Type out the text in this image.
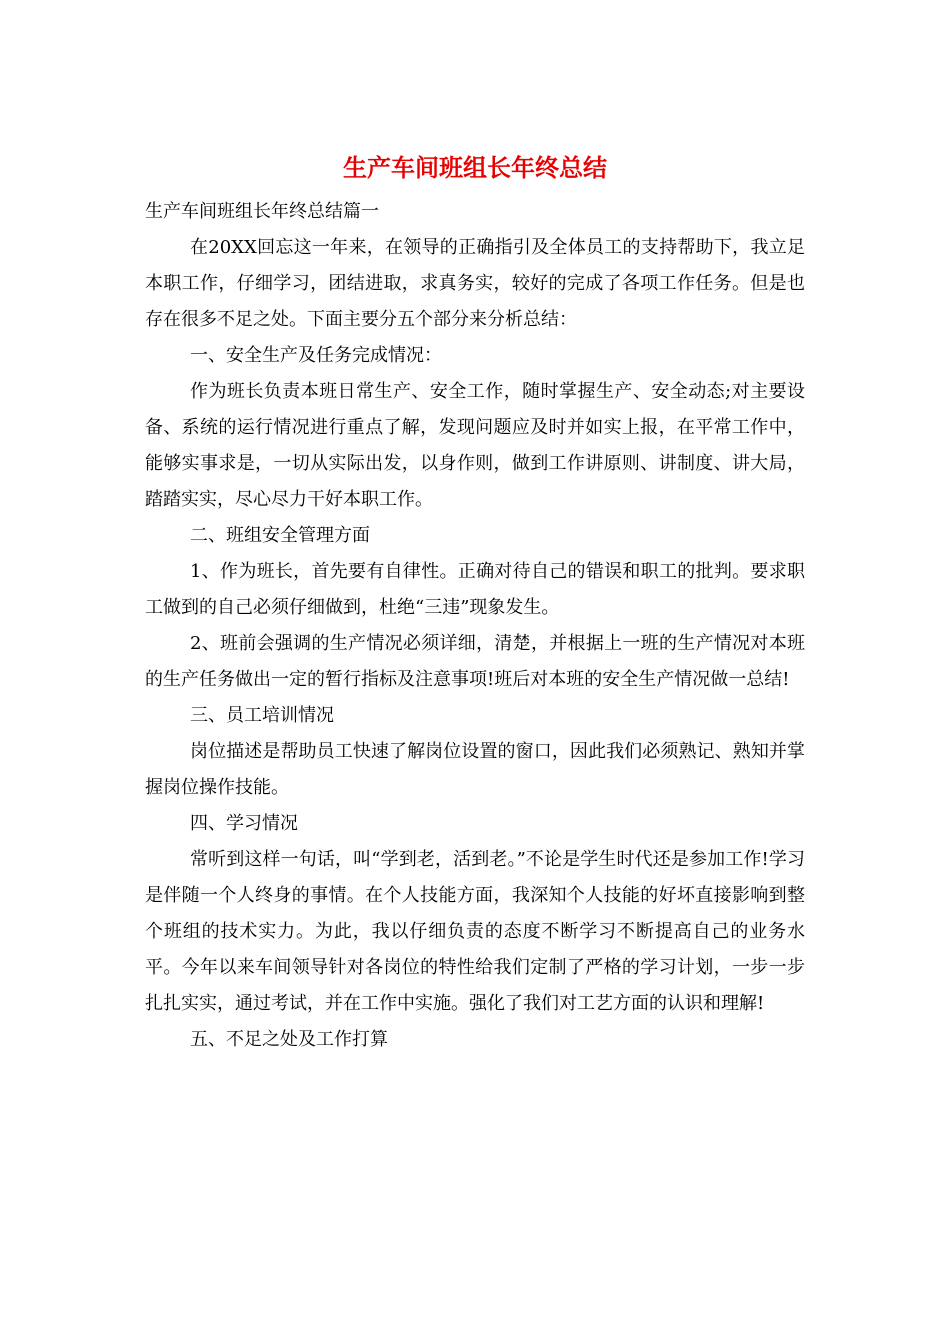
生产车间班组长年终总结

生产车间班组长年终总结篇一

在20XX回忘这一年来，在领导的正确指引及全体员工的支持帮助下，我立足本职工作，仔细学习，团结进取，求真务实，较好的完成了各项工作任务。但是也存在很多不足之处。下面主要分五个部分来分析总结：

一、安全生产及任务完成情况：

作为班长负责本班日常生产、安全工作，随时掌握生产、安全动态;对主要设备、系统的运行情况进行重点了解，发现问题应及时并如实上报，在平常工作中，能够实事求是，一切从实际出发，以身作则，做到工作讲原则、讲制度、讲大局，踏踏实实，尽心尽力干好本职工作。

二、班组安全管理方面

1、作为班长，首先要有自律性。正确对待自己的错误和职工的批判。要求职工做到的自己必须仔细做到，杜绝“三违”现象发生。

2、班前会强调的生产情况必须详细，清楚，并根据上一班的生产情况对本班的生产任务做出一定的暂行指标及注意事项!班后对本班的安全生产情况做一总结!

三、员工培训情况

岗位描述是帮助员工快速了解岗位设置的窗口，因此我们必须熟记、熟知并掌握岗位操作技能。

四、学习情况

常听到这样一句话，叫“学到老，活到老。”不论是学生时代还是参加工作!学习是伴随一个人终身的事情。在个人技能方面，我深知个人技能的好坏直接影响到整个班组的技术实力。为此，我以仔细负责的态度不断学习不断提高自己的业务水平。今年以来车间领导针对各岗位的特性给我们定制了严格的学习计划，一步一步扎扎实实，通过考试，并在工作中实施。强化了我们对工艺方面的认识和理解!

五、不足之处及工作打算
